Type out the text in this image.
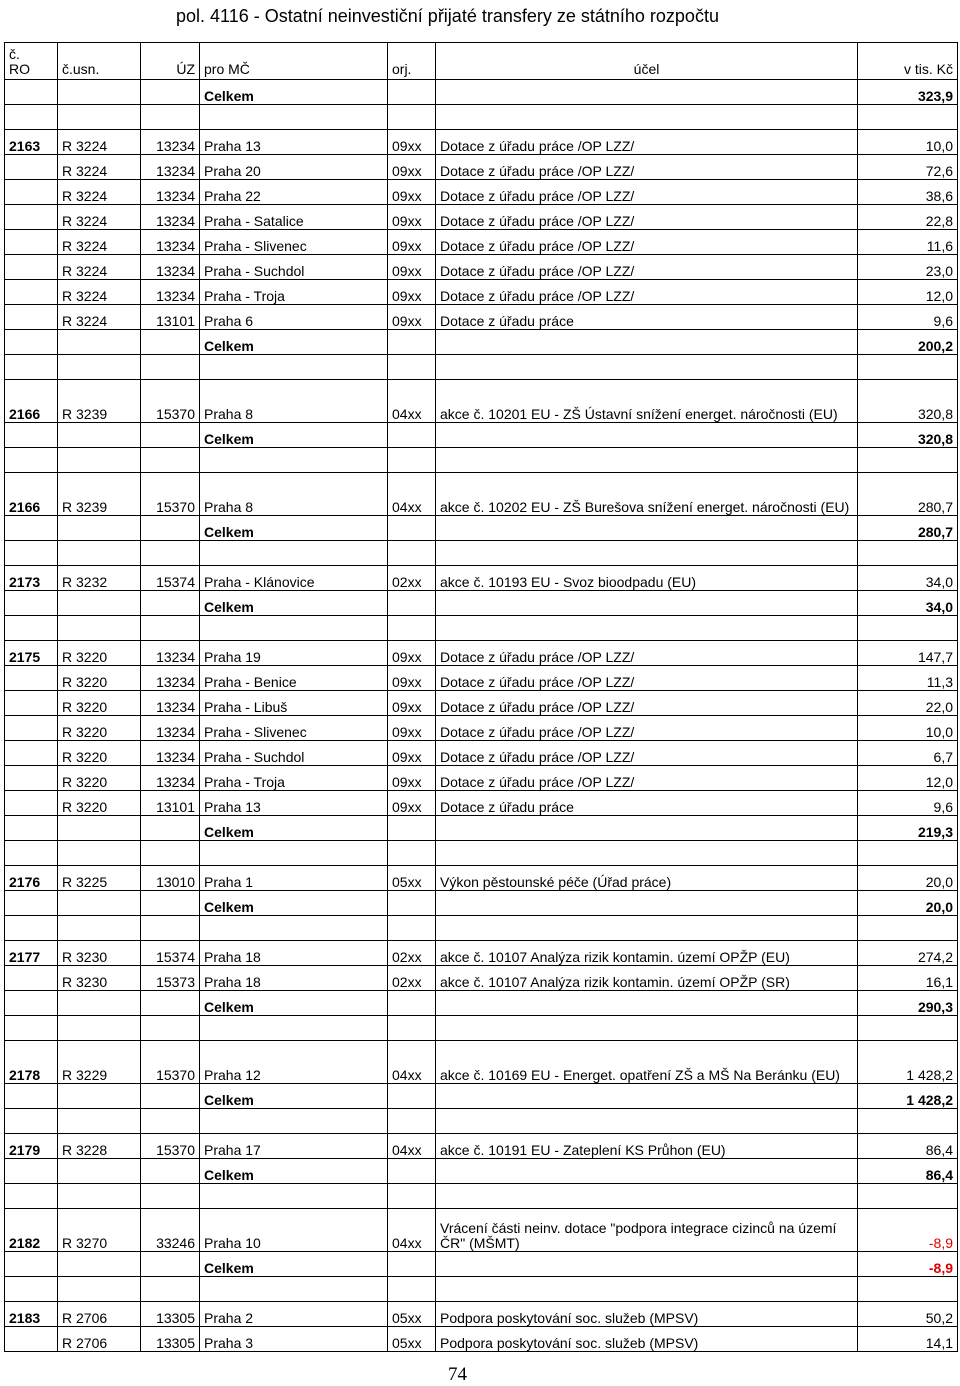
pol. 4116 - Ostatní neinvestiční přijaté transfery ze státního rozpočtu
č.
RO	č.usn.	ÚZ	pro MČ	orj.	účel	v tis. Kč
			Celkem			323,9

2163	R 3224	13234	Praha 13	09xx	Dotace z úřadu práce /OP LZZ/	10,0
	R 3224	13234	Praha 20	09xx	Dotace z úřadu práce /OP LZZ/	72,6
	R 3224	13234	Praha 22	09xx	Dotace z úřadu práce /OP LZZ/	38,6
	R 3224	13234	Praha - Satalice	09xx	Dotace z úřadu práce /OP LZZ/	22,8
	R 3224	13234	Praha - Slivenec	09xx	Dotace z úřadu práce /OP LZZ/	11,6
	R 3224	13234	Praha - Suchdol	09xx	Dotace z úřadu práce /OP LZZ/	23,0
	R 3224	13234	Praha - Troja	09xx	Dotace z úřadu práce /OP LZZ/	12,0
	R 3224	13101	Praha 6	09xx	Dotace z úřadu práce	9,6
			Celkem			200,2

2166	R 3239	15370	Praha 8	04xx	akce č. 10201 EU - ZŠ Ústavní snížení energet. náročnosti (EU)	320,8
			Celkem			320,8

2166	R 3239	15370	Praha 8	04xx	akce č. 10202 EU - ZŠ Burešova snížení energet. náročnosti (EU)	280,7
			Celkem			280,7

2173	R 3232	15374	Praha - Klánovice	02xx	akce č. 10193 EU - Svoz bioodpadu (EU)	34,0
			Celkem			34,0

2175	R 3220	13234	Praha 19	09xx	Dotace z úřadu práce /OP LZZ/	147,7
	R 3220	13234	Praha - Benice	09xx	Dotace z úřadu práce /OP LZZ/	11,3
	R 3220	13234	Praha - Libuš	09xx	Dotace z úřadu práce /OP LZZ/	22,0
	R 3220	13234	Praha - Slivenec	09xx	Dotace z úřadu práce /OP LZZ/	10,0
	R 3220	13234	Praha - Suchdol	09xx	Dotace z úřadu práce /OP LZZ/	6,7
	R 3220	13234	Praha - Troja	09xx	Dotace z úřadu práce /OP LZZ/	12,0
	R 3220	13101	Praha 13	09xx	Dotace z úřadu práce	9,6
			Celkem			219,3

2176	R 3225	13010	Praha 1	05xx	Výkon pěstounské péče (Úřad práce)	20,0
			Celkem			20,0

2177	R 3230	15374	Praha 18	02xx	akce č. 10107 Analýza rizik kontamin. území OPŽP (EU)	274,2
	R 3230	15373	Praha 18	02xx	akce č. 10107 Analýza rizik kontamin. území OPŽP (SR)	16,1
			Celkem			290,3

2178	R 3229	15370	Praha 12	04xx	akce č. 10169 EU - Energet. opatření ZŠ a MŠ Na Beránku (EU)	1 428,2
			Celkem			1 428,2

2179	R 3228	15370	Praha 17	04xx	akce č. 10191 EU - Zateplení KS Průhon (EU)	86,4
			Celkem			86,4

2182	R 3270	33246	Praha 10	04xx	Vrácení části neinv. dotace "podpora integrace cizinců na území ČR" (MŠMT)	-8,9
			Celkem			-8,9

2183	R 2706	13305	Praha 2	05xx	Podpora poskytování soc. služeb (MPSV)	50,2
	R 2706	13305	Praha 3	05xx	Podpora poskytování soc. služeb (MPSV)	14,1
74
